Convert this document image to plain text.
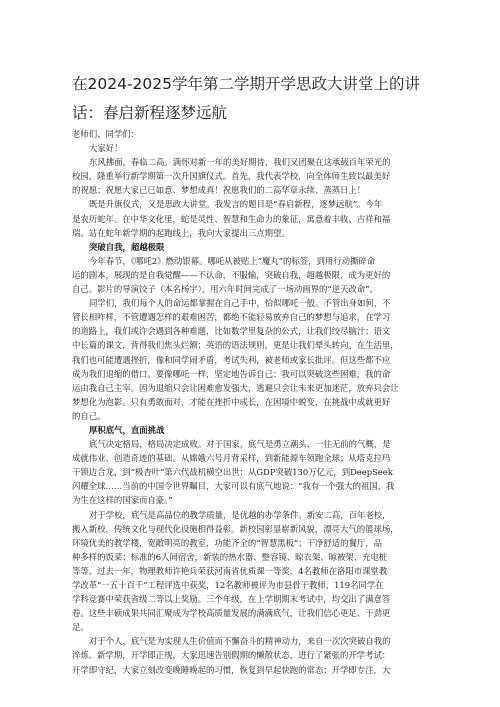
在2024-2025学年第二学期开学思政大讲堂上的讲
话：春启新程逐梦远航
老师们、同学们：
大家好！
东风拂面，春临二高。满怀对新一年的美好期待，我们又团聚在这承载百年荣光的
校园，隆重举行新学期第一次升国旗仪式。首先，我代表学校，向全体师生致以最美好
的祝愿：祝愿大家已巳如意、梦想成真！祝愿我们的二高华章永续、蒸蒸日上！
既是升旗仪式，又是思政大讲堂。我发言的题目是“春启新程，逐梦远航”。今年
是农历蛇年。在中华文化里，蛇是灵性、智慧和生命力的象征，寓意着丰收、吉祥和福
瑞。站在蛇年新学期的起跑线上，我向大家提出三点期望。
突破自我，超越极限
今年春节，《哪吒2》燃动银幕。哪吒从被贴上“魔丸”的标签，到用行动撕碎命
运的剧本，展现的是自我觉醒——不认命，不服输，突破自我，超越极限，成为更好的
自己。影片的导演饺子（本名杨宇），用六年时间完成了一场动画界的“逆天改命”。
同学们，我们每个人的命运都掌握在自己手中，恰似哪吒一般。不管出身如何，不
管长相咋样，不管遭遇怎样的艰难困苦，都绝不能轻易放弃自己的梦想与追求，在学习
的道路上，我们或许会遇到各种难题，比如数学里复杂的公式，让我们绞尽脑汁；语文
中长篇的课文，背得我们焦头烂额；英语的语法规则，更是让我们晕头转向。在生活里，
我们也可能遭遇挫折，像和同学闹矛盾，考试失利，被老师或家长批评。但这些都不应
成为我们退缩的借口。要像哪吒一样，坚定地告诉自己：我可以突破这些困难，我的命
运由我自己主宰。因为退缩只会让困难愈发强大，逃避只会让未来更加迷茫，放弃只会让
梦想化为泡影。只有勇敢面对，才能在挫折中成长，在困境中蜕变，在挑战中成就更好
的自己。
厚积底气，直面挑战
底气决定格局，格局决定成败。对于国家，底气是勇立潮头、一往无前的气概，是
成就伟业、创造奇迹的基础。从嫦娥六号月背采样，到新能源车领跑全球；从塔克拉玛
干锁边合龙，到“极杏叶”第六代战机横空出世；从GDP突破130万亿元，到DeepSeek
闪耀全球……当前的中国令世界瞩目，大家可以有底气地说：“我有一个强大的祖国，我
为生在这样的国家而自豪。”
对于学校，底气是高品位的教学质量，是优越的办学条件。新安二高，百年老校，
搬入新校，传统文化与现代化设施相得益彰。新校园彰显崭新风貌，漂亮大气的篮球场，
环境优美的教学楼，宽敞明亮的教室，功能齐全的“智慧黑板”；干净舒适的餐厅，品
种多样的饭菜；标准的6人间宿舍，新装的热水器、整容镜、晾衣架、晾被架、充电桩
等等。过去一年，物理教师许艳兵荣获河南省优质课一等奖，4名教师在洛阳市课堂教
学改革“一五十百千”工程评选中获奖，12名教师被评为市县骨干教师，119名同学在
学科竞赛中荣获省级二等以上奖励。三个年级，在上学期期末考试中，均交出了满意答
卷。这些丰硕成果共同汇聚成为学校高质量发展的满满底气，让我们信心更足、干劲更
足。
对于个人，底气是为实现人生价值而不懈奋斗的精神动力，来自一次次突破自我的
淬炼。新学期，开学即正规，大家迅速告别假期的懒散状态，进行了紧张的开学考试：
开学即守纪，大家立刻改变晚睡晚起的习惯，恢复到早起快跑的常态；开学即专注，大
